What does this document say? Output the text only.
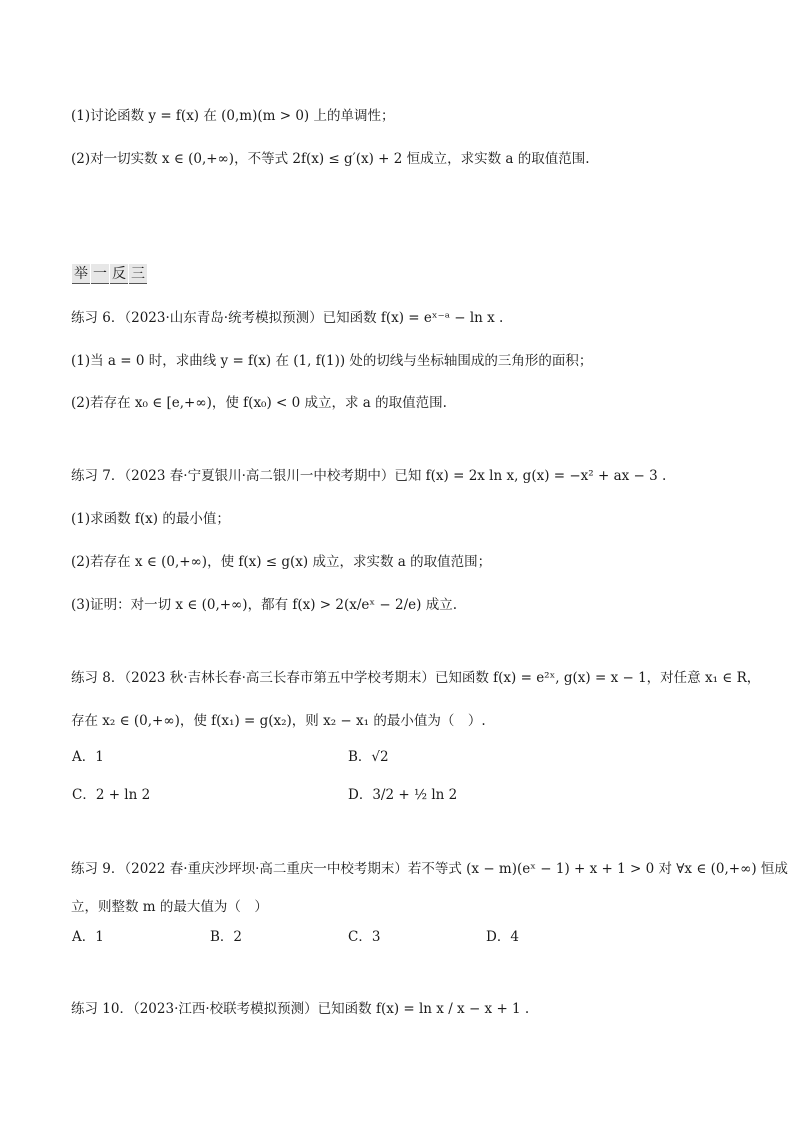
(1)讨论函数 y = f(x) 在 (0,m)(m > 0) 上的单调性；
(2)对一切实数 x ∈ (0,+∞)，不等式 2f(x) ≤ g′(x) + 2 恒成立，求实数 a 的取值范围.
举 一 反 三
练习 6．（2023·山东青岛·统考模拟预测）已知函数 f(x) = eˣ⁻ᵃ − ln x .
(1)当 a = 0 时，求曲线 y = f(x) 在 (1, f(1)) 处的切线与坐标轴围成的三角形的面积；
(2)若存在 x₀ ∈ [e,+∞)，使 f(x₀) < 0 成立，求 a 的取值范围.
练习 7．（2023 春·宁夏银川·高二银川一中校考期中）已知 f(x) = 2x ln x, g(x) = −x² + ax − 3 .
(1)求函数 f(x) 的最小值；
(2)若存在 x ∈ (0,+∞)，使 f(x) ≤ g(x) 成立，求实数 a 的取值范围；
(3)证明：对一切 x ∈ (0,+∞)，都有 f(x) > 2(x/eˣ − 2/e) 成立.
练习 8．（2023 秋·吉林长春·高三长春市第五中学校考期末）已知函数 f(x) = e²ˣ, g(x) = x − 1，对任意 x₁ ∈ R，
存在 x₂ ∈ (0,+∞)，使 f(x₁) = g(x₂)，则 x₂ − x₁ 的最小值为（　）.
A．1	B．√2
C．2 + ln 2	D．3/2 + ½ ln 2
练习 9．（2022 春·重庆沙坪坝·高二重庆一中校考期末）若不等式 (x − m)(eˣ − 1) + x + 1 > 0 对 ∀x ∈ (0,+∞) 恒成
立，则整数 m 的最大值为（　）
A．1	B．2	C．3	D．4
练习 10．（2023·江西·校联考模拟预测）已知函数 f(x) = ln x / x − x + 1 .
